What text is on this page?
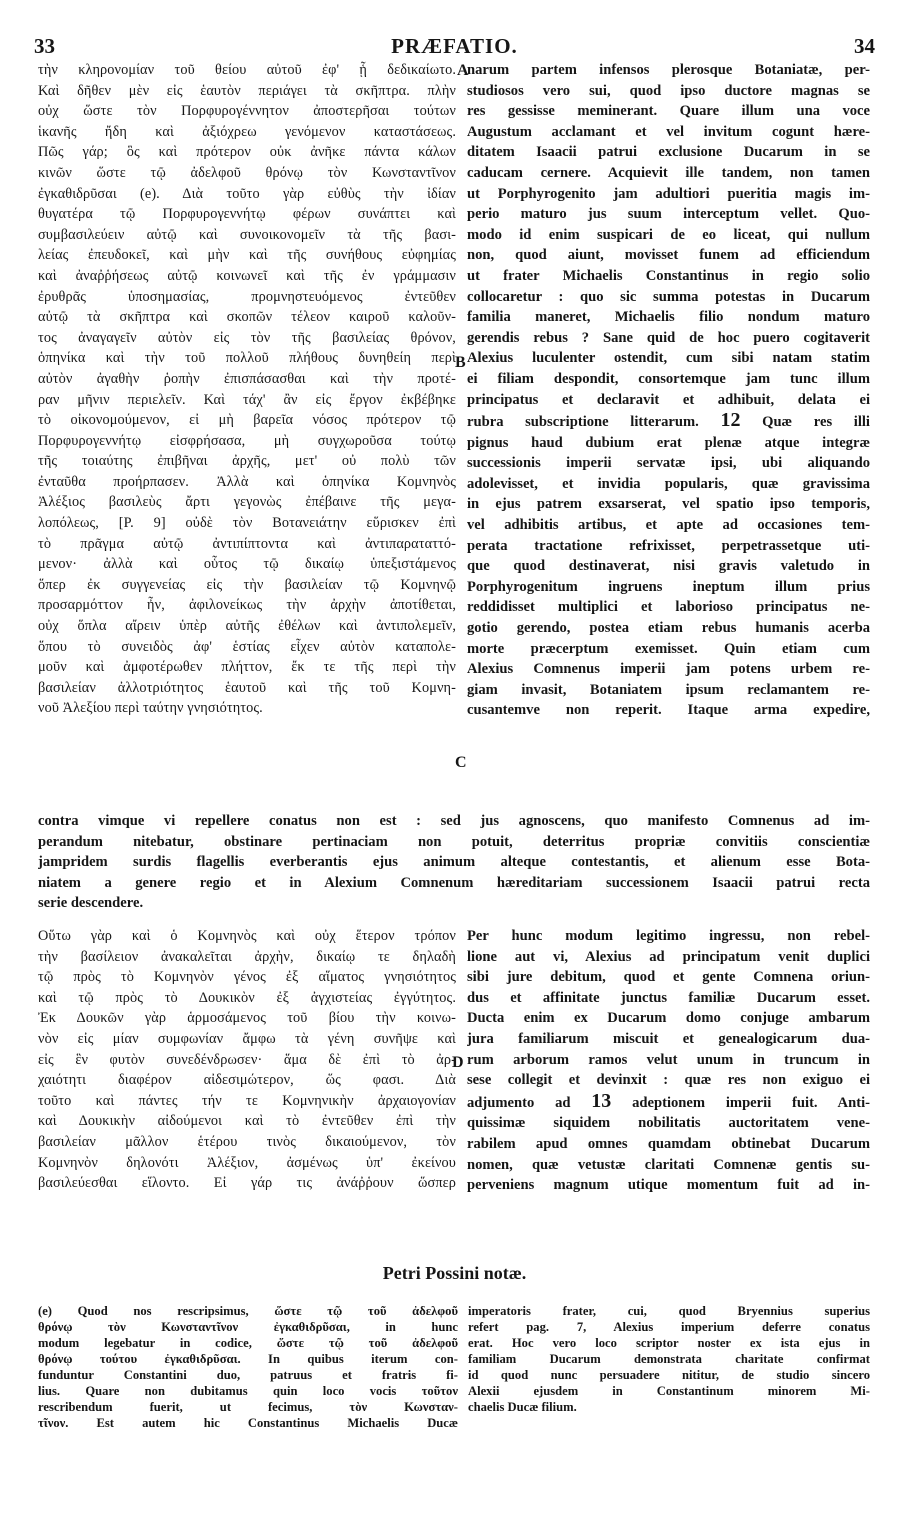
33	PRÆFATIO.	34
A
B
C
D
τὴν κληρονομίαν τοῦ θείου αὐτοῦ ἐφ' ᾗ δεδικαίωτο.
Καὶ δῆθεν μὲν εἰς ἑαυτὸν περιάγει τὰ σκῆπτρα. πλὴν
οὐχ ὥστε τὸν Πορφυρογέννητον ἀποστερῆσαι τούτων
ἱκανῆς ἤδη καὶ ἀξιόχρεω γενόμενον καταστάσεως.
Πῶς γάρ; ὃς καὶ πρότερον οὐκ ἀνῆκε πάντα κάλων
κινῶν ὥστε τῷ ἀδελφοῦ θρόνῳ τὸν Κωνσταντῖνον
ἐγκαθιδρῦσαι (e). Διὰ τοῦτο γὰρ εὐθὺς τὴν ἰδίαν
θυγατέρα τῷ Πορφυρογεννήτῳ φέρων συνάπτει καὶ
συμβασιλεύειν αὐτῷ καὶ συνοικονομεῖν τὰ τῆς βασι-
λείας ἐπευδοκεῖ, καὶ μὴν καὶ τῆς συνήθους εὐφημίας
καὶ ἀναῤῥήσεως αὐτῷ κοινωνεῖ καὶ τῆς ἐν γράμμασιν
ἐρυθρᾶς ὑποσημασίας, προμνηστευόμενος ἐντεῦθεν
αὐτῷ τὰ σκῆπτρα καὶ σκοπῶν τέλεον καιροῦ καλοῦν-
τος ἀναγαγεῖν αὐτὸν εἰς τὸν τῆς βασιλείας θρόνον,
ὁπηνίκα καὶ τὴν τοῦ πολλοῦ πλήθους δυνηθείη περὶ
αὐτὸν ἀγαθὴν ῥοπὴν ἐπισπάσασθαι καὶ τὴν προτέ-
ραν μῆνιν περιελεῖν. Καὶ τάχ' ἂν εἰς ἔργον ἐκβέβηκε
τὸ οἰκονομούμενον, εἰ μὴ βαρεῖα νόσος πρότερον τῷ
Πορφυρογεννήτῳ εἰσφρήσασα, μὴ συγχωροῦσα τούτῳ
τῆς τοιαύτης ἐπιβῆναι ἀρχῆς, μετ' οὐ πολὺ τῶν
ἐνταῦθα προήρπασεν. Ἀλλὰ καὶ ὁπηνίκα Κομνηνὸς
Ἀλέξιος βασιλεὺς ἄρτι γεγονὼς ἐπέβαινε τῆς μεγα-
λοπόλεως, [P. 9] οὐδὲ τὸν Βοτανειάτην εὕρισκεν ἐπὶ
τὸ πρᾶγμα αὐτῷ ἀντιπίπτοντα καὶ ἀντιπαραταττό-
μενον· ἀλλὰ καὶ οὗτος τῷ δικαίῳ ὑπεξιστάμενος
ὅπερ ἐκ συγγενείας εἰς τὴν βασιλείαν τῷ Κομνηνῷ
προσαρμόττον ἦν, ἀφιλονείκως τὴν ἀρχὴν ἀποτίθεται,
οὐχ ὅπλα αἴρειν ὑπὲρ αὐτῆς ἐθέλων καὶ ἀντιπολεμεῖν,
ὅπου τὸ συνειδὸς ἀφ' ἑστίας εἶχεν αὐτὸν καταπολε-
μοῦν καὶ ἀμφοτέρωθεν πλήττον, ἔκ τε τῆς περὶ τὴν
βασιλείαν ἀλλοτριότητος ἑαυτοῦ καὶ τῆς τοῦ Κομνη-
νοῦ Ἀλεξίου περὶ ταύτην γνησιότητος.
narum partem infensos plerosque Botaniatæ, per-
studiosos vero sui, quod ipso ductore magnas se
res gessisse meminerant. Quare illum una voce
Augustum acclamant et vel invitum cogunt hære-
ditatem Isaacii patrui exclusione Ducarum in se
caducam cernere. Acquievit ille tandem, non tamen
ut Porphyrogenito jam adultiori pueritia magis im-
perio maturo jus suum interceptum vellet. Quo-
modo id enim suspicari de eo liceat, qui nullum
non, quod aiunt, movisset funem ad efficiendum
ut frater Michaelis Constantinus in regio solio
collocaretur : quo sic summa potestas in Ducarum
familia maneret, Michaelis filio nondum maturo
gerendis rebus ? Sane quid de hoc puero cogitaverit
Alexius luculenter ostendit, cum sibi natam statim
ei filiam despondit, consortemque jam tunc illum
principatus et declaravit et adhibuit, delata ei
rubra subscriptione litterarum. 12 Quæ res illi
pignus haud dubium erat plenæ atque integræ
successionis imperii servatæ ipsi, ubi aliquando
adolevisset, et invidia popularis, quæ gravissima
in ejus patrem exsarserat, vel spatio ipso temporis,
vel adhibitis artibus, et apte ad occasiones tem-
perata tractatione refrixisset, perpetrassetque uti-
que quod destinaverat, nisi gravis valetudo in
Porphyrogenitum ingruens ineptum illum prius
reddidisset multiplici et laborioso principatus ne-
gotio gerendo, postea etiam rebus humanis acerba
morte præcerptum exemisset. Quin etiam cum
Alexius Comnenus imperii jam potens urbem re-
giam invasit, Botaniatem ipsum reclamantem re-
cusantemve non reperit. Itaque arma expedire,
contra vimque vi repellere conatus non est : sed jus agnoscens, quo manifesto Comnenus ad im-
perandum nitebatur, obstinare pertinaciam non potuit, deterritus propriæ convitiis conscientiæ
jampridem surdis flagellis everberantis ejus animum alteque contestantis, et alienum esse Bota-
niatem a genere regio et in Alexium Comnenum hæreditariam successionem Isaacii patrui recta
serie descendere.
Οὕτω γὰρ καὶ ὁ Κομνηνὸς καὶ οὐχ ἕτερον τρόπον
τὴν βασίλειον ἀνακαλεῖται ἀρχὴν, δικαίῳ τε δηλαδὴ
τῷ πρὸς τὸ Κομνηνὸν γένος ἐξ αἵματος γνησιότητος
καὶ τῷ πρὸς τὸ Δουκικὸν ἐξ ἀγχιστείας ἐγγύτητος.
Ἐκ Δουκῶν γὰρ ἁρμοσάμενος τοῦ βίου τὴν κοινω-
νὸν εἰς μίαν συμφωνίαν ἄμφω τὰ γένη συνῆψε καὶ
εἰς ἓν φυτὸν συνεδένδρωσεν· ἅμα δὲ ἐπὶ τὸ ἀρ-
χαιότητι διαφέρον αἰδεσιμώτερον, ὥς φασι. Διὰ
τοῦτο καὶ πάντες τήν τε Κομνηνικὴν ἀρχαιογονίαν
καὶ Δουκικὴν αἰδούμενοι καὶ τὸ ἐντεῦθεν ἐπὶ τὴν
βασιλείαν μᾶλλον ἑτέρου τινὸς δικαιούμενον, τὸν
Κομνηνὸν δηλονότι Ἀλέξιον, ἀσμένως ὑπ' ἐκείνου
βασιλεύεσθαι εἵλοντο. Εἰ γάρ τις ἀνάῤῥουν ὥσπερ
Per hunc modum legitimo ingressu, non rebel-
lione aut vi, Alexius ad principatum venit duplici
sibi jure debitum, quod et gente Comnena oriun-
dus et affinitate junctus familiæ Ducarum esset.
Ducta enim ex Ducarum domo conjuge ambarum
jura familiarum miscuit et genealogicarum dua-
rum arborum ramos velut unum in truncum in
sese collegit et devinxit : quæ res non exiguo ei
adjumento ad 13 adeptionem imperii fuit. Anti-
quissimæ siquidem nobilitatis auctoritatem vene-
rabilem apud omnes quamdam obtinebat Ducarum
nomen, quæ vetustæ claritati Comnenæ gentis su-
perveniens magnum utique momentum fuit ad in-
Petri Possini notæ.
(e) Quod nos rescripsimus, ὥστε τῷ τοῦ ἀδελφοῦ
θρόνῳ τὸν Κωνσταντῖνον ἐγκαθιδρῦσαι, in hunc
modum legebatur in codice, ὥστε τῷ τοῦ ἀδελφοῦ
θρόνῳ τούτου ἐγκαθιδρῦσαι. In quibus iterum con-
funduntur Constantini duo, patruus et fratris fi-
lius. Quare non dubitamus quin loco vocis τοῦτον
rescribendum fuerit, ut fecimus, τὸν Κωνσταν-
τῖνον. Est autem hic Constantinus Michaelis Ducæ
imperatoris frater, cui, quod Bryennius superius
refert pag. 7, Alexius imperium deferre conatus
erat. Hoc vero loco scriptor noster ex ista ejus in
familiam Ducarum demonstrata charitate confirmat
id quod nunc persuadere nititur, de studio sincero
Alexii ejusdem in Constantinum minorem Mi-
chaelis Ducæ filium.
